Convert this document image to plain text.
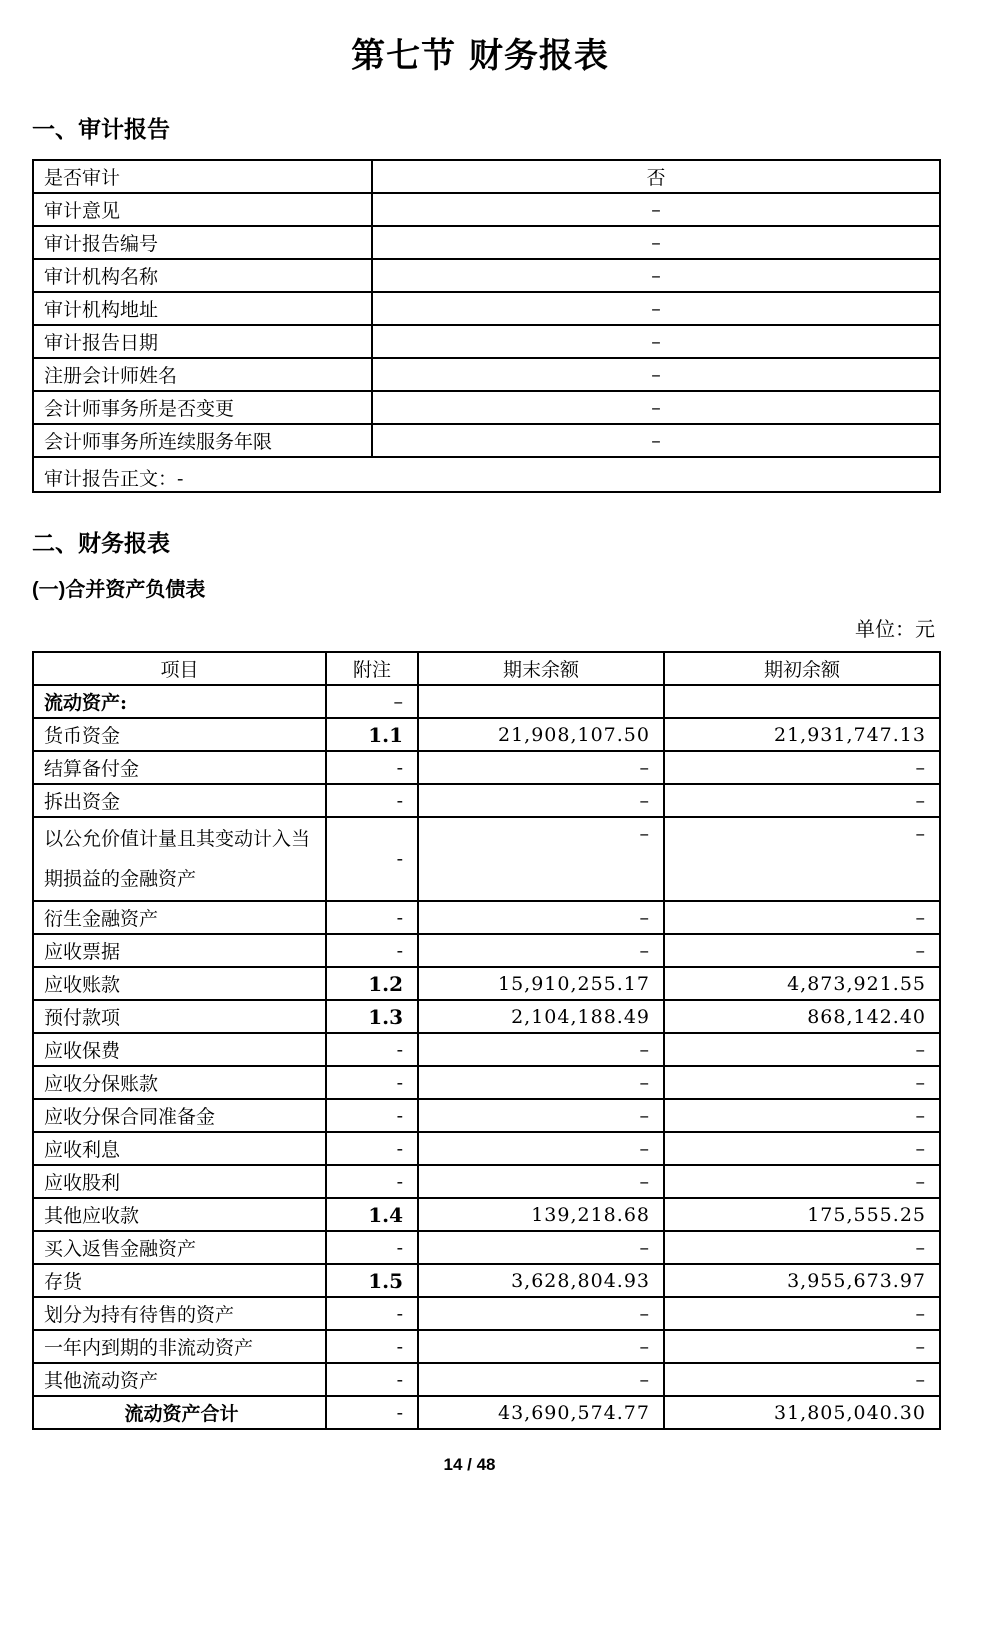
第七节 财务报表
一、审计报告
是否审计	否
审计意见	–
审计报告编号	–
审计机构名称	–
审计机构地址	–
审计报告日期	–
注册会计师姓名	–
会计师事务所是否变更	–
会计师事务所连续服务年限	–
审计报告正文：-	
二、财务报表
(一)合并资产负债表
单位：元
项目	附注	期末余额	期初余额
流动资产:	–		
货币资金	1.1	21,908,107.50	21,931,747.13
结算备付金	-	–	–
拆出资金	-	–	–
以公允价值计量且其变动计入当期损益的金融资产	-	–	–
衍生金融资产	-	–	–
应收票据	-	–	–
应收账款	1.2	15,910,255.17	4,873,921.55
预付款项	1.3	2,104,188.49	868,142.40
应收保费	-	–	–
应收分保账款	-	–	–
应收分保合同准备金	-	–	–
应收利息	-	–	–
应收股利	-	–	–
其他应收款	1.4	139,218.68	175,555.25
买入返售金融资产	-	–	–
存货	1.5	3,628,804.93	3,955,673.97
划分为持有待售的资产	-	–	–
一年内到期的非流动资产	-	–	–
其他流动资产	-	–	–
流动资产合计	-	43,690,574.77	31,805,040.30
14 / 48
